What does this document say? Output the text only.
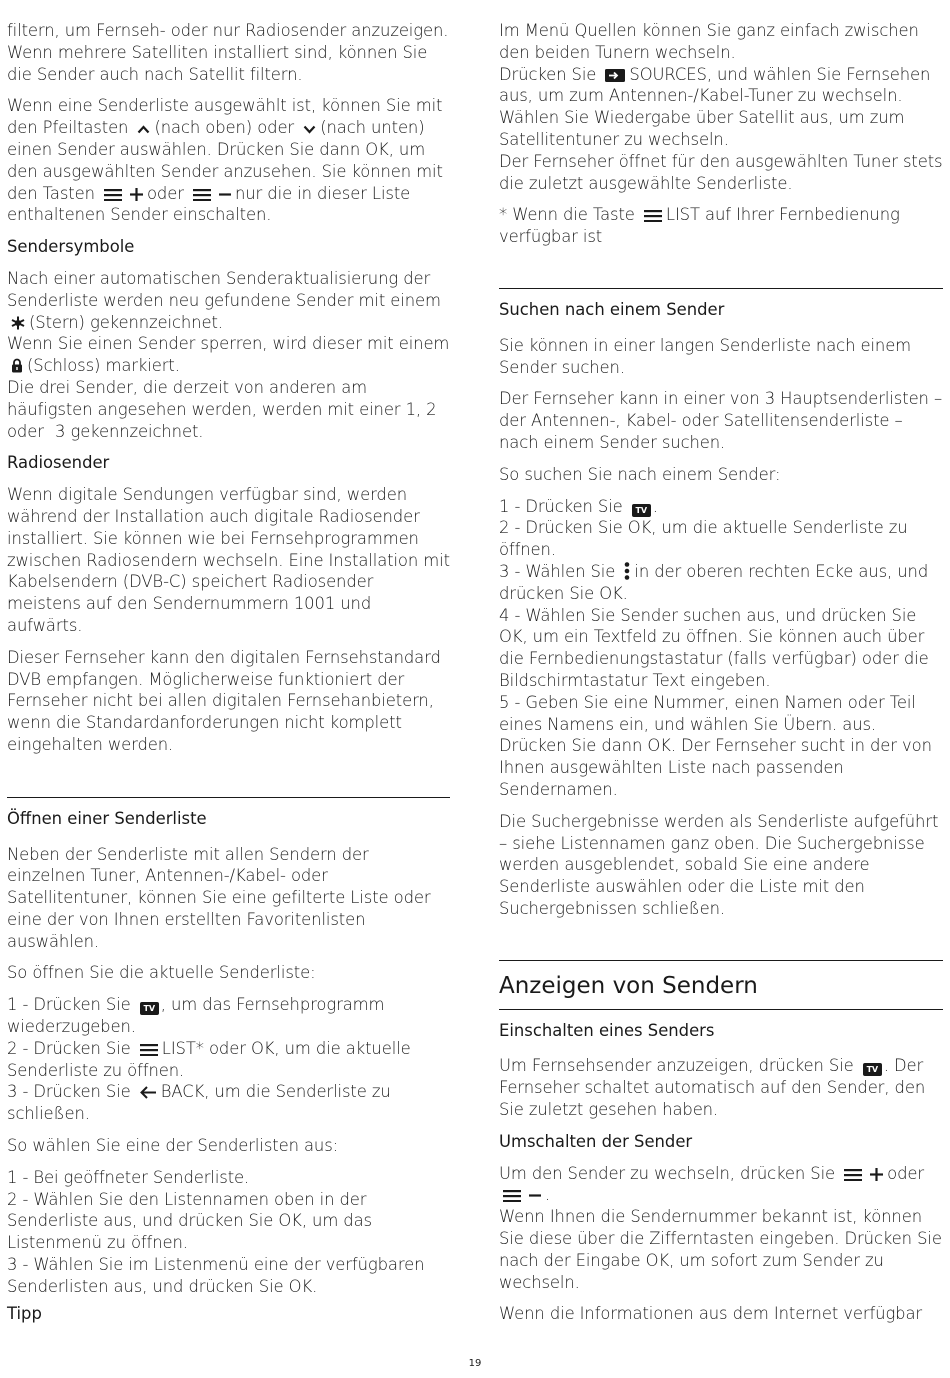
filtern, um Fernseh- oder nur Radiosender anzuzeigen. Wenn mehrere Satelliten installiert sind, können Sie die Sender auch nach Satellit filtern.

Wenn eine Senderliste ausgewählt ist, können Sie mit den Pfeiltasten (nach oben) oder (nach unten) einen Sender auswählen. Drücken Sie dann OK, um den ausgewählten Sender anzusehen. Sie können mit den Tasten	oder	nur die in dieser Liste enthaltenen Sender einschalten.

Sendersymbole

Nach einer automatischen Senderaktualisierung der Senderliste werden neu gefundene Sender mit einem (Stern) gekennzeichnet.
Wenn Sie einen Sender sperren, wird dieser mit einem (Schloss) markiert.
Die drei Sender, die derzeit von anderen am häufigsten angesehen werden, werden mit einer 1, 2 oder 3 gekennzeichnet.

Radiosender

Wenn digitale Sendungen verfügbar sind, werden während der Installation auch digitale Radiosender installiert. Sie können wie bei Fernsehprogrammen zwischen Radiosendern wechseln. Eine Installation mit Kabelsendern (DVB-C) speichert Radiosender meistens auf den Sendernummern 1001 und aufwärts.

Dieser Fernseher kann den digitalen Fernsehstandard DVB empfangen. Möglicherweise funktioniert der Fernseher nicht bei allen digitalen Fernsehanbietern, wenn die Standardanforderungen nicht komplett eingehalten werden.

Öffnen einer Senderliste

Neben der Senderliste mit allen Sendern der einzelnen Tuner, Antennen-/Kabel- oder Satellitentuner, können Sie eine gefilterte Liste oder eine der von Ihnen erstellten Favoritenlisten auswählen.

So öffnen Sie die aktuelle Senderliste:

1 - Drücken Sie TV , um das Fernsehprogramm wiederzugeben.
2 - Drücken Sie LIST* oder OK, um die aktuelle Senderliste zu öffnen.
3 - Drücken Sie BACK, um die Senderliste zu schließen.

So wählen Sie eine der Senderlisten aus:

1 - Bei geöffneter Senderliste.
2 - Wählen Sie den Listennamen oben in der Senderliste aus, und drücken Sie OK, um das Listenmenü zu öffnen.
3 - Wählen Sie im Listenmenü eine der verfügbaren Senderlisten aus, und drücken Sie OK.

Tipp

Im Menü Quellen können Sie ganz einfach zwischen den beiden Tunern wechseln.
Drücken Sie SOURCES, und wählen Sie Fernsehen aus, um zum Antennen-/Kabel-Tuner zu wechseln. Wählen Sie Wiedergabe über Satellit aus, um zum Satellitentuner zu wechseln.
Der Fernseher öffnet für den ausgewählten Tuner stets die zuletzt ausgewählte Senderliste.

* Wenn die Taste LIST auf Ihrer Fernbedienung verfügbar ist

Suchen nach einem Sender

Sie können in einer langen Senderliste nach einem Sender suchen.

Der Fernseher kann in einer von 3 Hauptsenderlisten – der Antennen-, Kabel- oder Satellitensenderliste – nach einem Sender suchen.

So suchen Sie nach einem Sender:

1 - Drücken Sie TV .
2 - Drücken Sie OK, um die aktuelle Senderliste zu öffnen.
3 - Wählen Sie in der oberen rechten Ecke aus, und drücken Sie OK.
4 - Wählen Sie Sender suchen aus, und drücken Sie OK, um ein Textfeld zu öffnen. Sie können auch über die Fernbedienungstastatur (falls verfügbar) oder die Bildschirmtastatur Text eingeben.
5 - Geben Sie eine Nummer, einen Namen oder Teil eines Namens ein, und wählen Sie Übern. aus.
Drücken Sie dann OK. Der Fernseher sucht in der von Ihnen ausgewählten Liste nach passenden Sendernamen.

Die Suchergebnisse werden als Senderliste aufgeführt – siehe Listennamen ganz oben. Die Suchergebnisse werden ausgeblendet, sobald Sie eine andere Senderliste auswählen oder die Liste mit den Suchergebnissen schließen.

Anzeigen von Sendern
Einschalten eines Senders

Um Fernsehsender anzuzeigen, drücken Sie TV . Der Fernseher schaltet automatisch auf den Sender, den Sie zuletzt gesehen haben.

Umschalten der Sender

Um den Sender zu wechseln, drücken Sie	oder .
Wenn Ihnen die Sendernummer bekannt ist, können Sie diese über die Zifferntasten eingeben. Drücken Sie nach der Eingabe OK, um sofort zum Sender zu wechseln.

Wenn die Informationen aus dem Internet verfügbar

19
